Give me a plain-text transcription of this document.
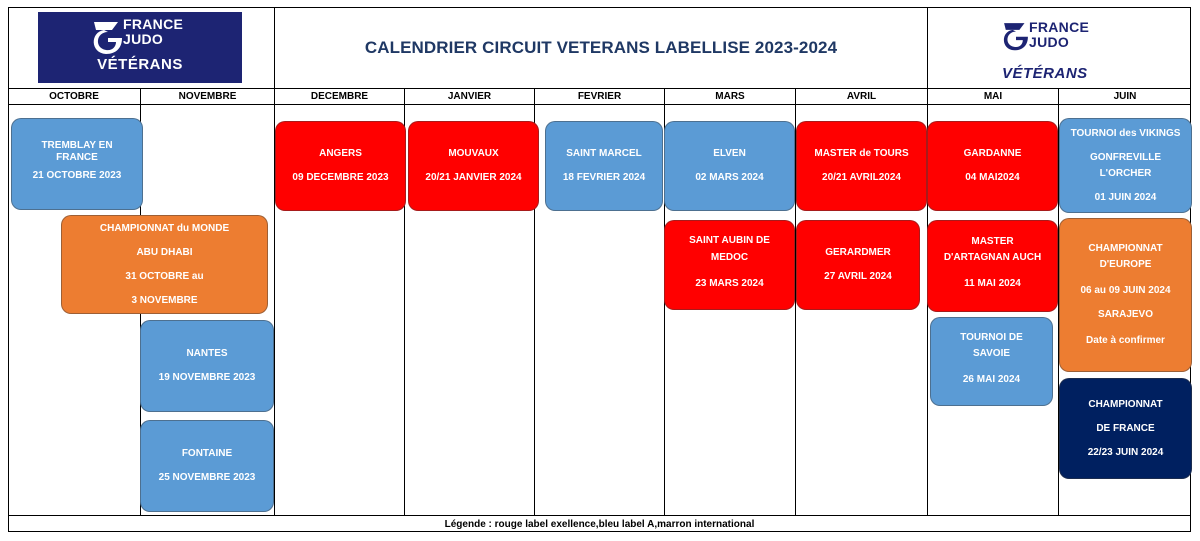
FRANCE
JUDO
VÉTÉRANS
CALENDRIER CIRCUIT VETERANS LABELLISE 2023-2024
FRANCE
JUDO
VÉTÉRANS
OCTOBRE	NOVEMBRE	DECEMBRE	JANVIER	FEVRIER	MARS	AVRIL	MAI	JUIN
TREMBLAY EN
FRANCE
21 OCTOBRE 2023
CHAMPIONNAT du MONDE
ABU DHABI
31 OCTOBRE au
3 NOVEMBRE
NANTES
19 NOVEMBRE 2023
FONTAINE
25 NOVEMBRE 2023
ANGERS
09 DECEMBRE 2023
MOUVAUX
20/21 JANVIER 2024
SAINT MARCEL
18 FEVRIER 2024
ELVEN
02 MARS 2024
SAINT AUBIN DE
MEDOC
23 MARS 2024
MASTER de TOURS
20/21 AVRIL2024
GERARDMER
27 AVRIL 2024
GARDANNE
04 MAI2024
MASTER
D'ARTAGNAN AUCH
11 MAI 2024
TOURNOI DE
SAVOIE
26 MAI 2024
TOURNOI des VIKINGS
GONFREVILLE
L'ORCHER
01 JUIN 2024
CHAMPIONNAT
D'EUROPE
06 au 09 JUIN 2024
SARAJEVO
Date à confirmer
CHAMPIONNAT
DE FRANCE
22/23 JUIN 2024
Légende : rouge label exellence,bleu label A,marron international
